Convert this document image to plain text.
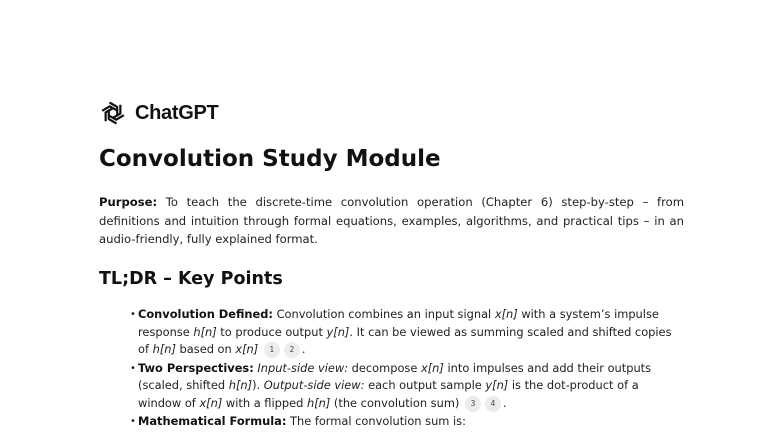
ChatGPT
Convolution Study Module

Purpose: To teach the discrete-time convolution operation (Chapter 6) step-by-step – from definitions and intuition through formal equations, examples, algorithms, and practical tips – in an audio-friendly, fully explained format.

TL;DR – Key Points
• Convolution Defined: Convolution combines an input signal x[n] with a system’s impulse response h[n] to produce output y[n]. It can be viewed as summing scaled and shifted copies of h[n] based on x[n] 1 2 .
• Two Perspectives: Input-side view: decompose x[n] into impulses and add their outputs (scaled, shifted h[n]). Output-side view: each output sample y[n] is the dot-product of a window of x[n] with a flipped h[n] (the convolution sum) 3 4 .
• Mathematical Formula: The formal convolution sum is:
